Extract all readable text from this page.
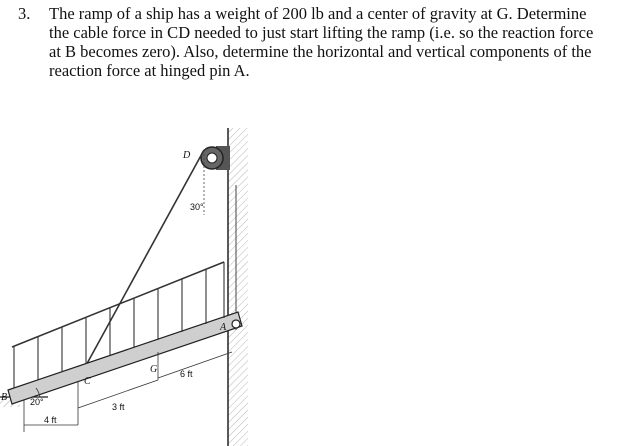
3. The ramp of a ship has a weight of 200 lb and a center of gravity at G. Determine

the cable force in CD needed to just start lifting the ramp (i.e. so the reaction force

at B becomes zero). Also, determine the horizontal and vertical components of the

reaction force at hinged pin A.

B
C
G
D
A
20°
30°
4 ft
3 ft
6 ft
